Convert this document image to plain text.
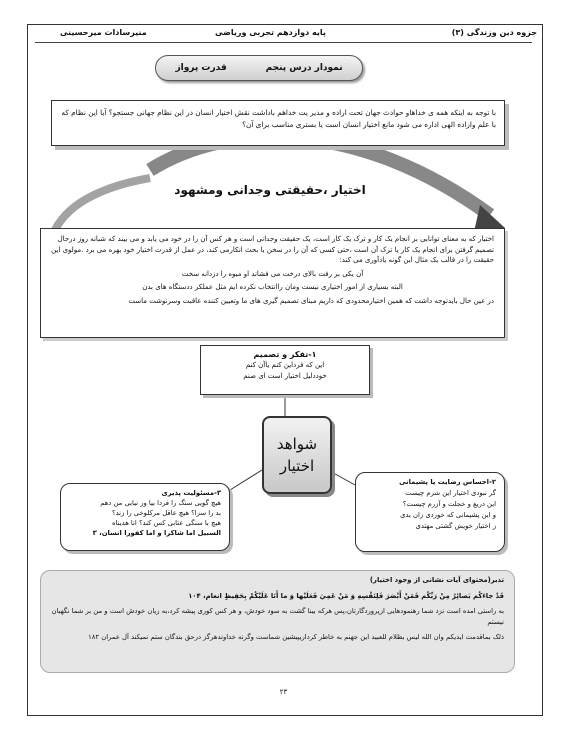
جزوه دین وزندگی (۳)
پایه دوازدهم تجربی وریاضی
منیرسادات میرحسینی
نمودار درس پنجم
قدرت پرواز
با توجه به اینکه همه ی خداهاو حوادث جهان تحت اراده و مدیر یت خداهم باداشت نقش اختیار انسان در این نظام جهانی جستجو؟ آیا این نظام که با علم واراده الهی اداره می شود مانع اختیار انسان است یا بستری مناسب برای آن؟
اختیار ،حقیقتی وجدانی ومشهود

اختیار که به معنای توانایی بر انجام یک کار و ترک یک کار است، یک حقیقت وجدانی است و هر کس آن را در خود می یابد و می بیند که شبانه روز درحال تصمیم گرفتن برای انجام یک کار یا ترک آن است ،حتی کسی که آن را در سخن یا بحث انکارمی کند، در عمل از قدرت اختیار خود بهره می برد .مولوی این حقیقت را در قالب یک مثال این گونه یادآوری می کند:

آن یکی بر رفت بالای درخت می فشاند او میوه را دزدانه سخت

البته بسیاری از امور اختیاری نیست ومان راانتخاب نکرده ایم مثل عملکر ددستگاه های بدن

در عین حال بایدتوجه داشت که همین اختیارمحدودی که داریم مبنای تصمیم گیری های ما وتعیین کننده عاقبت وسرنوشت ماست

۱-تفکر و تصمیم
این که فرداین کنم یاآن کنم
خوددلیل اختیار است ای صنم
شواهد
اختیار
۲-احساس رضایت یا پشیمانی
گر نبودی اختیار این شرم چیست
این دریغ و خجلت و آزرم چیست؟
و این پشیمانی که خوردی زان بدی
ز اختیار خویش گشتی مهتدی
۳-مسئولیت پذیری
هیچ گویی سنگ را فردا بیا ور نیایی من دهم
بد را سزا؟ هیچ عاقل مرکلوخی را زند؟
هیچ با سنگی عتابی کس کند؟ انا هدیناه
السبیل اما شاکرا و اما کفورا انسان، ۳

تدبر(محتوای آیات نشانی از وجود اختیار)

قَدْ جاءَكُم بَصائِرُ مِنْ رَبِّكُم فَمَنْ أَبْصَرَ فَلِنَفْسِهِ وَ مَنْ عَمِيَ فَعَلَيْها وَ ما أَنَا عَلَيْكُمْ بِحَفِيظٍ انعام، ۱۰۴

به راستی امده است نزد شما رهنمودهایی ازپروردگارتان،پس هرکه بینا گشت به سود خودش، و هر کس کوری پیشه کرد،به زیان خودش است و من بر شما نگهبان نیستم

ذلک بماقدمت ایدیکم وان الله لیس بظلام للعبید این جهنم به خاطر کرداریپیشین شماست وگرنه خداوندهرگز درحق بندگان ستم نمیکند آل عمران ۱۸۲

۲۳
